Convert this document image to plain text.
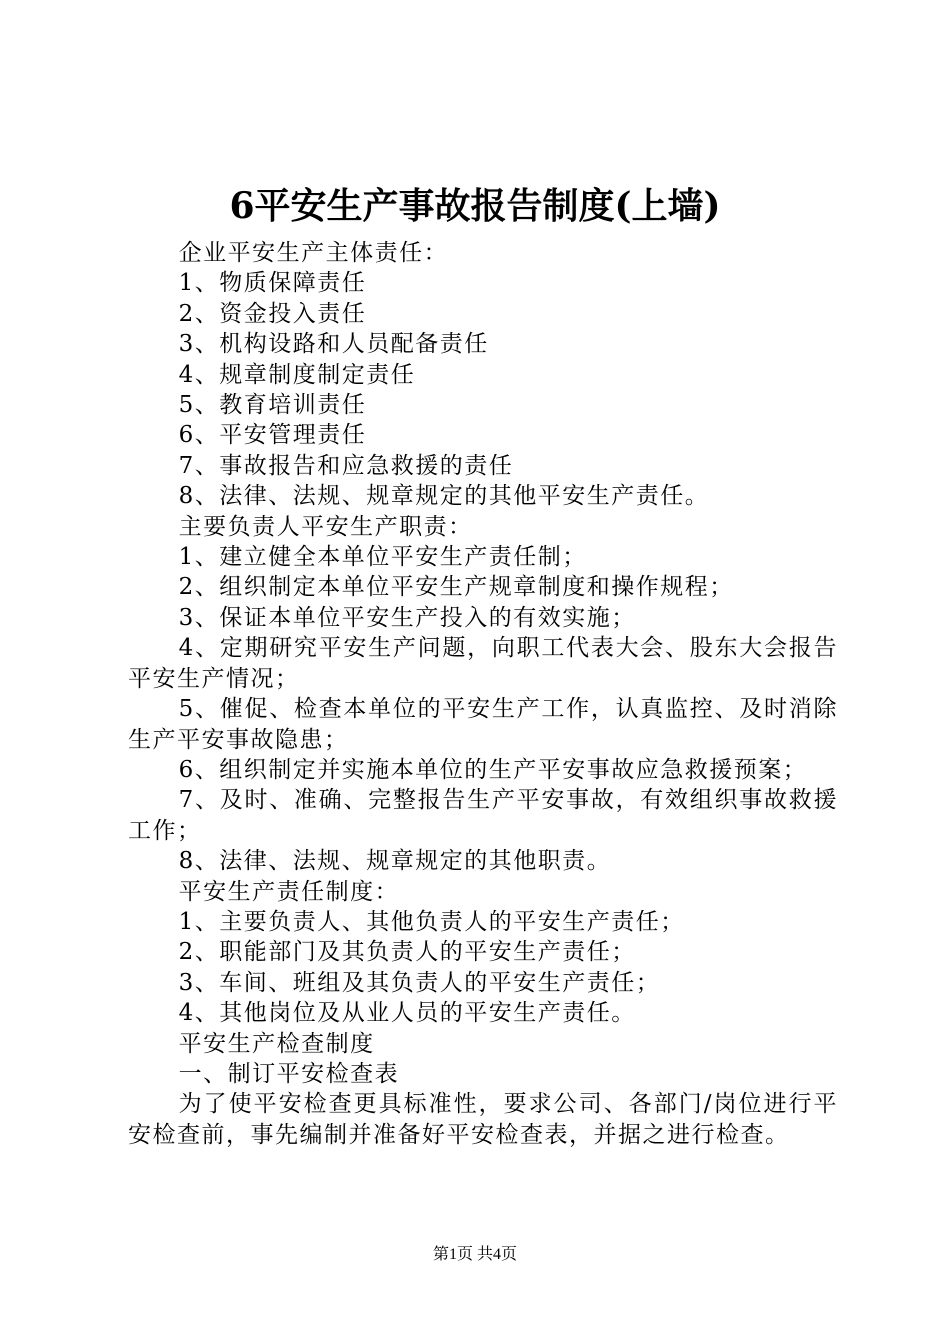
6平安生产事故报告制度(上墙)

企业平安生产主体责任：

1、物质保障责任

2、资金投入责任

3、机构设路和人员配备责任

4、规章制度制定责任

5、教育培训责任

6、平安管理责任

7、事故报告和应急救援的责任

8、法律、法规、规章规定的其他平安生产责任。

主要负责人平安生产职责：

1、建立健全本单位平安生产责任制；

2、组织制定本单位平安生产规章制度和操作规程；

3、保证本单位平安生产投入的有效实施；

4、定期研究平安生产问题，向职工代表大会、股东大会报告平安生产情况；

5、催促、检查本单位的平安生产工作，认真监控、及时消除生产平安事故隐患；

6、组织制定并实施本单位的生产平安事故应急救援预案；

7、及时、准确、完整报告生产平安事故，有效组织事故救援工作；

8、法律、法规、规章规定的其他职责。

平安生产责任制度：

1、主要负责人、其他负责人的平安生产责任；

2、职能部门及其负责人的平安生产责任；

3、车间、班组及其负责人的平安生产责任；

4、其他岗位及从业人员的平安生产责任。

平安生产检查制度

一、制订平安检查表

为了使平安检查更具标准性，要求公司、各部门/岗位进行平安检查前，事先编制并准备好平安检查表，并据之进行检查。

第1页 共4页
